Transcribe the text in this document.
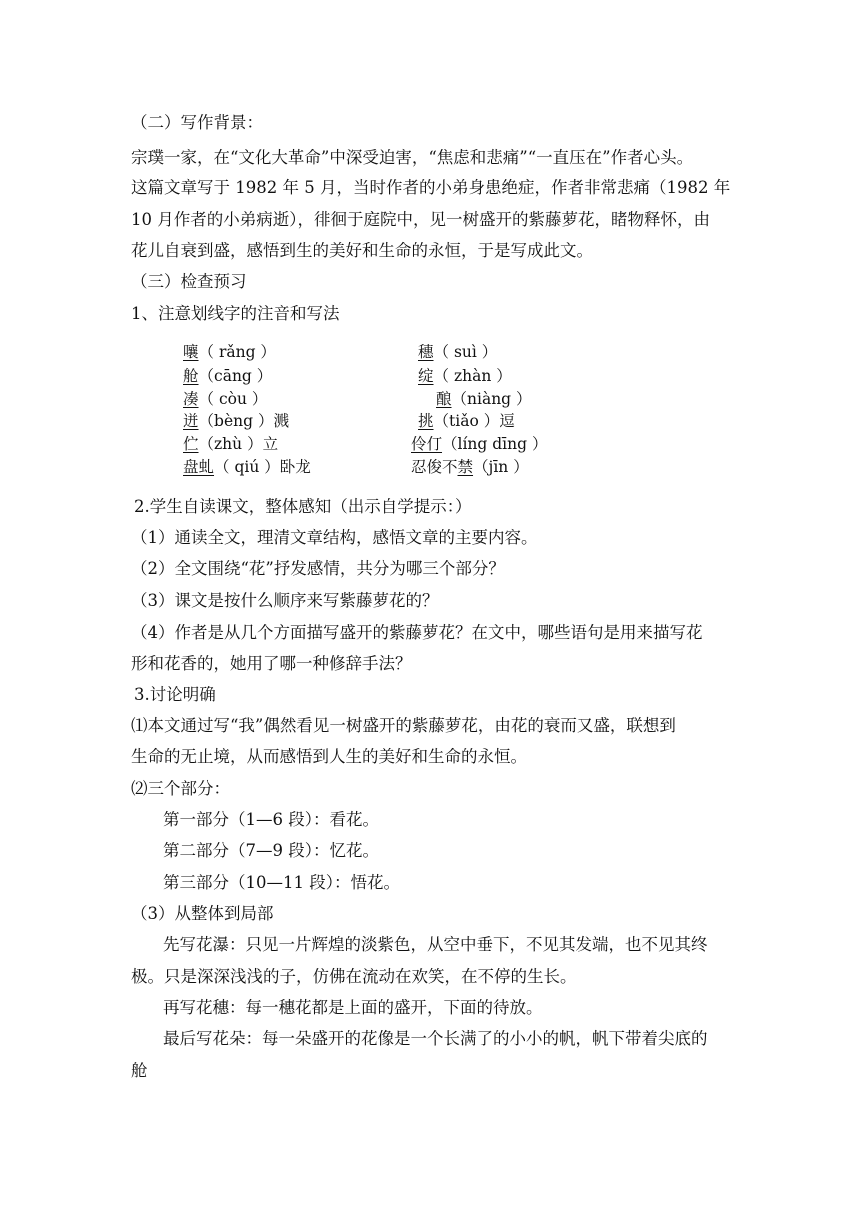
（二）写作背景：
宗璞一家，在“文化大革命”中深受迫害，“焦虑和悲痛”“一直压在”作者心头。
这篇文章写于 1982 年 5 月，当时作者的小弟身患绝症，作者非常悲痛（1982 年
10 月作者的小弟病逝），徘徊于庭院中，见一树盛开的紫藤萝花，睹物释怀，由
花儿自衰到盛，感悟到生的美好和生命的永恒，于是写成此文。
（三）检查预习
1、注意划线字的注音和写法
嚷（ rǎng ）	穗（ suì ）
舱（cāng ）	绽（ zhàn ）
凑（ còu ）	酿（niàng ）
迸（bèng ）溅	挑（tiǎo ）逗
伫（zhù ）立	伶仃（líng dīng ）
盘虬（ qiú ）卧龙	忍俊不禁（jīn ）
2.学生自读课文，整体感知（出示自学提示：）
（1）通读全文，理清文章结构，感悟文章的主要内容。
（2）全文围绕“花”抒发感情，共分为哪三个部分？
（3）课文是按什么顺序来写紫藤萝花的？
（4）作者是从几个方面描写盛开的紫藤萝花？在文中，哪些语句是用来描写花
形和花香的，她用了哪一种修辞手法？
3.讨论明确
⑴本文通过写“我”偶然看见一树盛开的紫藤萝花，由花的衰而又盛，联想到
生命的无止境，从而感悟到人生的美好和生命的永恒。
⑵三个部分：
第一部分（1—6 段）：看花。
第二部分（7—9 段）：忆花。
第三部分（10—11 段）：悟花。
（3）从整体到局部
先写花瀑：只见一片辉煌的淡紫色，从空中垂下，不见其发端，也不见其终
极。只是深深浅浅的子，仿佛在流动在欢笑，在不停的生长。
再写花穗：每一穗花都是上面的盛开，下面的待放。
最后写花朵：每一朵盛开的花像是一个长满了的小小的帆，帆下带着尖底的
舱
